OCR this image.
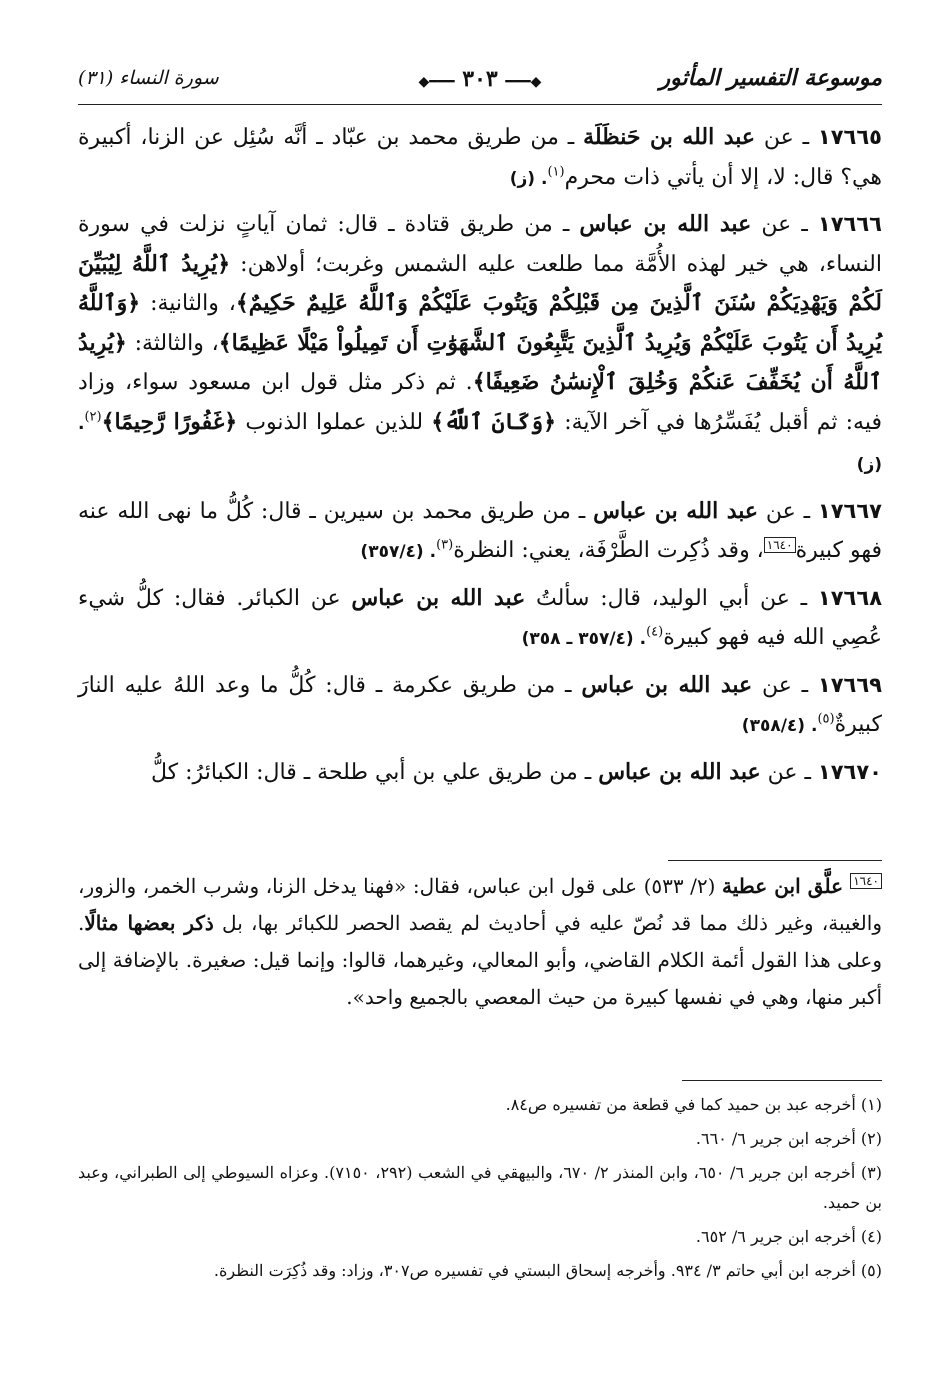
موسوعة التفسير المأثور
◆━━━ ٣٠٣ ━━━◆
سورة النساء (٣١)

١٧٦٦٥ ـ عن عبد الله بن حَنظَلَة ـ من طريق محمد بن عبّاد ـ أنَّه سُئِل عن الزنا، أكبيرة هي؟ قال: لا، إلا أن يأتي ذات محرم$^{(١)}$. (ز)

١٧٦٦٦ ـ عن عبد الله بن عباس ـ من طريق قتادة ـ قال: ثمان آياتٍ نزلت في سورة النساء، هي خير لهذه الأُمَّة مما طلعت عليه الشمس وغربت؛ أولاهن: ﴿يُرِيدُ ٱللَّهُ لِيُبَيِّنَ لَكُمْ وَيَهْدِيَكُمْ سُنَنَ ٱلَّذِينَ مِن قَبْلِكُمْ وَيَتُوبَ عَلَيْكُمْ وَٱللَّهُ عَلِيمٌ حَكِيمٌ﴾، والثانية: ﴿وَٱللَّهُ يُرِيدُ أَن يَتُوبَ عَلَيْكُمْ وَيُرِيدُ ٱلَّذِينَ يَتَّبِعُونَ ٱلشَّهَوَٰتِ أَن تَمِيلُواْ مَيْلًا عَظِيمًا﴾، والثالثة: ﴿يُرِيدُ ٱللَّهُ أَن يُخَفِّفَ عَنكُمْ وَخُلِقَ ٱلْإِنسَٰنُ ضَعِيفًا﴾. ثم ذكر مثل قول ابن مسعود سواء، وزاد فيه: ثم أقبل يُفَسِّرُها في آخر الآية: ﴿وَكَانَ ٱللَّهُ﴾ للذين عملوا الذنوب ﴿غَفُورًا رَّحِيمًا﴾$^{(٢)}$. (ز)

١٧٦٦٧ ـ عن عبد الله بن عباس ـ من طريق محمد بن سيرين ـ قال: كُلُّ ما نهى الله عنه فهو كبيرة١٦٤٠، وقد ذُكِرت الطَّرْفَة، يعني: النظرة$^{(٣)}$. (٣٥٧/٤)

١٧٦٦٨ ـ عن أبي الوليد، قال: سألتُ عبد الله بن عباس عن الكبائر. فقال: كلُّ شيء عُصِي الله فيه فهو كبيرة$^{(٤)}$. (٣٥٧/٤ ـ ٣٥٨)

١٧٦٦٩ ـ عن عبد الله بن عباس ـ من طريق عكرمة ـ قال: كُلُّ ما وعد اللهُ عليه النارَ كبيرةٌ$^{(٥)}$. (٣٥٨/٤)

١٧٦٧٠ ـ عن عبد الله بن عباس ـ من طريق علي بن أبي طلحة ـ قال: الكبائرُ: كلُّ

١٦٤٠ علَّق ابن عطية (٢/ ٥٣٣) على قول ابن عباس، فقال: «فهنا يدخل الزنا، وشرب الخمر، والزور، والغيبة، وغير ذلك مما قد نُصّ عليه في أحاديث لم يقصد الحصر للكبائر بها، بل ذكر بعضها مثالًا. وعلى هذا القول أئمة الكلام القاضي، وأبو المعالي، وغيرهما، قالوا: وإنما قيل: صغيرة. بالإضافة إلى أكبر منها، وهي في نفسها كبيرة من حيث المعصي بالجميع واحد».

(١) أخرجه عبد بن حميد كما في قطعة من تفسيره ص٨٤.

(٢) أخرجه ابن جرير ٦/ ٦٦٠.

(٣) أخرجه ابن جرير ٦/ ٦٥٠، وابن المنذر ٢/ ٦٧٠، والبيهقي في الشعب (٢٩٢، ٧١٥٠). وعزاه السيوطي إلى الطبراني، وعبد بن حميد.

(٤) أخرجه ابن جرير ٦/ ٦٥٢.

(٥) أخرجه ابن أبي حاتم ٣/ ٩٣٤. وأخرجه إسحاق البستي في تفسيره ص٣٠٧، وزاد: وقد ذُكِرَت النظرة.
